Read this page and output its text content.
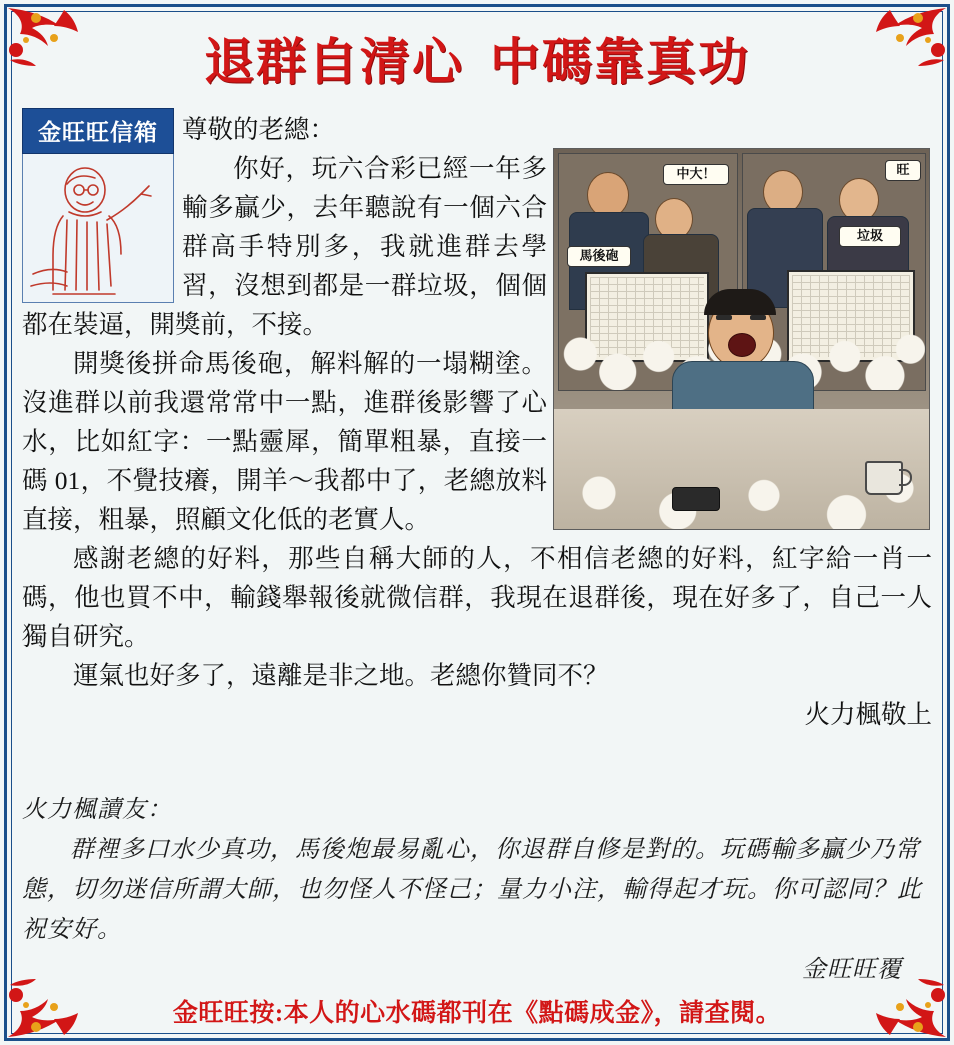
退群自清心 中碼靠真功
金旺旺信箱
中大！
馬後砲
垃圾
旺

尊敬的老總：

你好，玩六合彩已經一年多輸多贏少，去年聽說有一個六合群高手特別多，我就進群去學習，沒想到都是一群垃圾，個個都在裝逼，開獎前，不接。

開獎後拼命馬後砲，解料解的一塌糊塗。沒進群以前我還常常中一點，進群後影響了心水，比如紅字：一點靈犀，簡單粗暴，直接一碼 01，不覺技癢，開羊～我都中了，老總放料直接，粗暴，照顧文化低的老實人。

感謝老總的好料，那些自稱大師的人，不相信老總的好料，紅字給一肖一碼，他也買不中，輸錢舉報後就微信群，我現在退群後，現在好多了，自己一人獨自研究。

運氣也好多了，遠離是非之地。老總你贊同不？

火力楓敬上

火力楓讀友：

群裡多口水少真功，馬後炮最易亂心，你退群自修是對的。玩碼輸多贏少乃常態，切勿迷信所謂大師，也勿怪人不怪己；量力小注，輸得起才玩。你可認同？此祝安好。

金旺旺覆

金旺旺按:本人的心水碼都刊在《點碼成金》，請查閱。
